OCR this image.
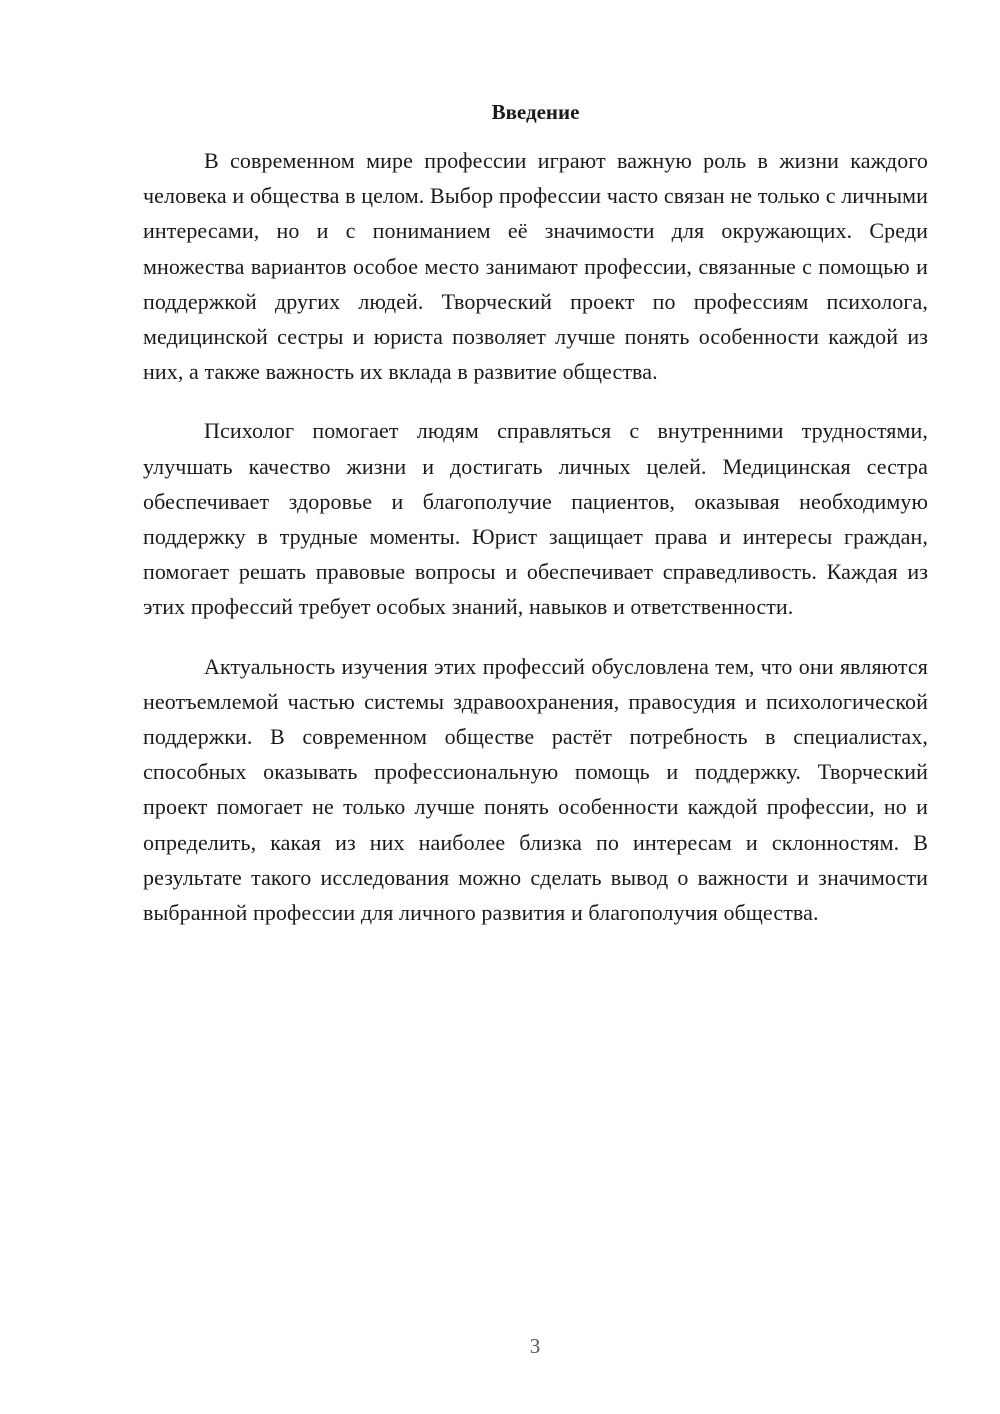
Введение

В современном мире профессии играют важную роль в жизни каждого человека и общества в целом. Выбор профессии часто связан не только с личными интересами, но и с пониманием её значимости для окружающих. Среди множества вариантов особое место занимают профессии, связанные с помощью и поддержкой других людей. Творческий проект по профессиям психолога, медицинской сестры и юриста позволяет лучше понять особенности каждой из них, а также важность их вклада в развитие общества.

Психолог помогает людям справляться с внутренними трудностями, улучшать качество жизни и достигать личных целей. Медицинская сестра обеспечивает здоровье и благополучие пациентов, оказывая необходимую поддержку в трудные моменты. Юрист защищает права и интересы граждан, помогает решать правовые вопросы и обеспечивает справедливость. Каждая из этих профессий требует особых знаний, навыков и ответственности.

Актуальность изучения этих профессий обусловлена тем, что они являются неотъемлемой частью системы здравоохранения, правосудия и психологической поддержки. В современном обществе растёт потребность в специалистах, способных оказывать профессиональную помощь и поддержку. Творческий проект помогает не только лучше понять особенности каждой профессии, но и определить, какая из них наиболее близка по интересам и склонностям. В результате такого исследования можно сделать вывод о важности и значимости выбранной профессии для личного развития и благополучия общества.

3
